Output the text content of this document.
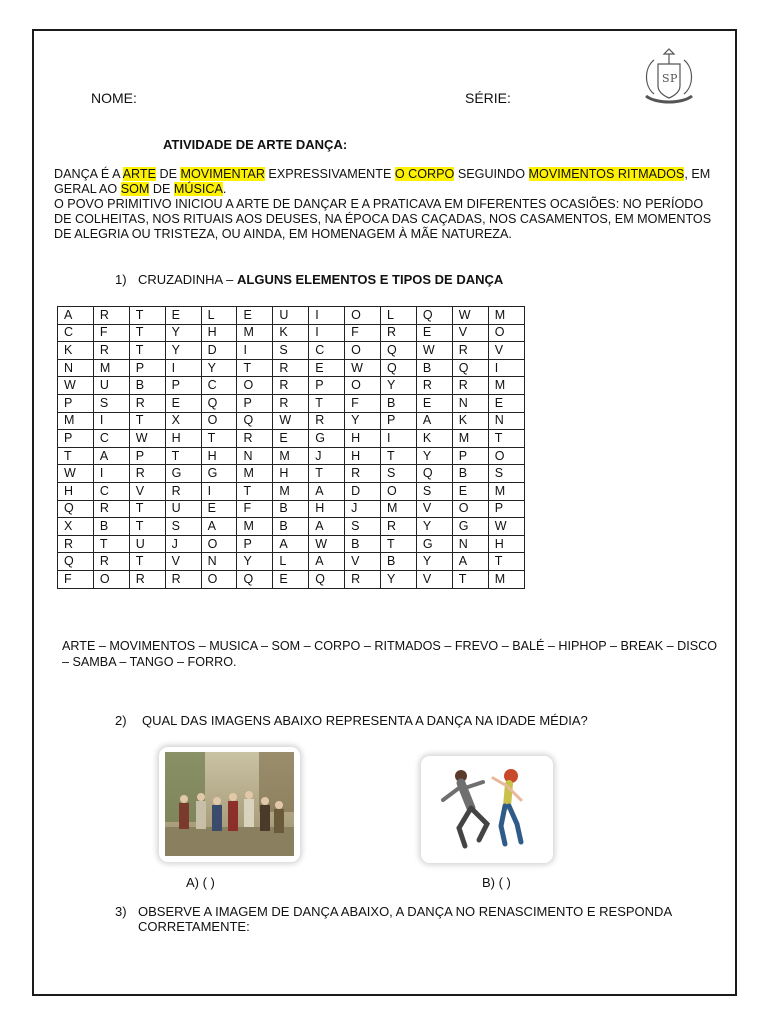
S P
NOME:	SÉRIE:
ATIVIDADE DE ARTE DANÇA:

DANÇA É A ARTE DE MOVIMENTAR EXPRESSIVAMENTE O CORPO SEGUINDO MOVIMENTOS RITMADOS, EM

GERAL AO SOM DE MÚSICA.

O POVO PRIMITIVO INICIOU A ARTE DE DANÇAR E A PRATICAVA EM DIFERENTES OCASIÕES: NO PERÍODO DE COLHEITAS, NOS RITUAIS AOS DEUSES, NA ÉPOCA DAS CAÇADAS, NOS CASAMENTOS, EM MOMENTOS DE ALEGRIA OU TRISTEZA, OU AINDA, EM HOMENAGEM À MÃE NATUREZA.

1) CRUZADINHA – ALGUNS ELEMENTOS E TIPOS DE DANÇA
A	R	T	E	L	E	U	I	O	L	Q	W	M
C	F	T	Y	H	M	K	I	F	R	E	V	O
K	R	T	Y	D	I	S	C	O	Q	W	R	V
N	M	P	I	Y	T	R	E	W	Q	B	Q	I
W	U	B	P	C	O	R	P	O	Y	R	R	M
P	S	R	E	Q	P	R	T	F	B	E	N	E
M	I	T	X	O	Q	W	R	Y	P	A	K	N
P	C	W	H	T	R	E	G	H	I	K	M	T
T	A	P	T	H	N	M	J	H	T	Y	P	O
W	I	R	G	G	M	H	T	R	S	Q	B	S
H	C	V	R	I	T	M	A	D	O	S	E	M
Q	R	T	U	E	F	B	H	J	M	V	O	P
X	B	T	S	A	M	B	A	S	R	Y	G	W
R	T	U	J	O	P	A	W	B	T	G	N	H
Q	R	T	V	N	Y	L	A	V	B	Y	A	T
F	O	R	R	O	Q	E	Q	R	Y	V	T	M
ARTE – MOVIMENTOS – MUSICA – SOM – CORPO – RITMADOS – FREVO – BALÉ – HIPHOP – BREAK – DISCO – SAMBA – TANGO – FORRO.
2) QUAL DAS IMAGENS ABAIXO REPRESENTA A DANÇA NA IDADE MÉDIA?
A) ( )	B) ( )
3) OBSERVE A IMAGEM DE DANÇA ABAIXO, A DANÇA NO RENASCIMENTO E RESPONDA
CORRETAMENTE:
